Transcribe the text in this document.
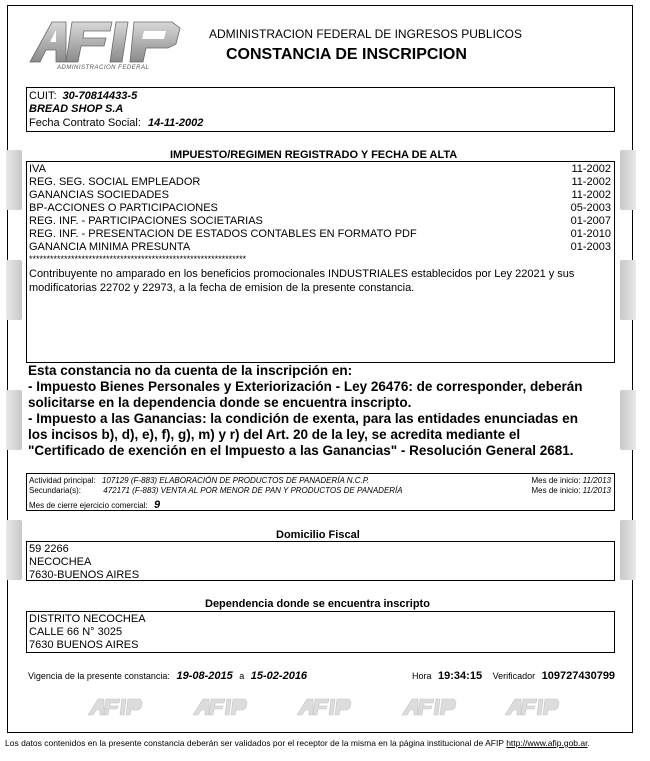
ADMINISTRACION FEDERAL
ADMINISTRACION FEDERAL DE INGRESOS PUBLICOS
CONSTANCIA DE INSCRIPCION
CUIT: 30-70814433-5
BREAD SHOP S.A
Fecha Contrato Social: 14-11-2002
IMPUESTO/REGIMEN REGISTRADO Y FECHA DE ALTA
IVA	11-2002
REG. SEG. SOCIAL EMPLEADOR	11-2002
GANANCIAS SOCIEDADES	11-2002
BP-ACCIONES O PARTICIPACIONES	05-2003
REG. INF. - PARTICIPACIONES SOCIETARIAS	01-2007
REG. INF. - PRESENTACION DE ESTADOS CONTABLES EN FORMATO PDF	01-2010
GANANCIA MINIMA PRESUNTA	01-2003
**************************************************************
Contribuyente no amparado en los beneficios promocionales INDUSTRIALES establecidos por Ley 22021 y sus
modificatorias 22702 y 22973, a la fecha de emision de la presente constancia.
Esta constancia no da cuenta de la inscripción en:
- Impuesto Bienes Personales y Exteriorización - Ley 26476: de corresponder, deberán
solicitarse en la dependencia donde se encuentra inscripto.
- Impuesto a las Ganancias: la condición de exenta, para las entidades enunciadas en
los incisos b), d), e), f), g), m) y r) del Art. 20 de la ley, se acredita mediante el
"Certificado de exención en el Impuesto a las Ganancias" - Resolución General 2681.
Actividad principal: 107129 (F-883) ELABORACIÓN DE PRODUCTOS DE PANADERÍA N.C.P.	Mes de inicio: 11/2013
Secundaria(s):	472171 (F-883) VENTA AL POR MENOR DE PAN Y PRODUCTOS DE PANADERÍA	Mes de inicio: 11/2013
Mes de cierre ejercicio comercial: 9
Domicilio Fiscal
59 2266
NECOCHEA
7630-BUENOS AIRES
Dependencia donde se encuentra inscripto
DISTRITO NECOCHEA
CALLE 66 N° 3025
7630 BUENOS AIRES
Vigencia de la presente constancia: 19-08-2015 a 15-02-2016	Hora 19:34:15 Verificador 109727430799
Los datos contenidos en la presente constancia deberán ser validados por el receptor de la misma en la página institucional de AFIP http://www.afip.gob.ar.
